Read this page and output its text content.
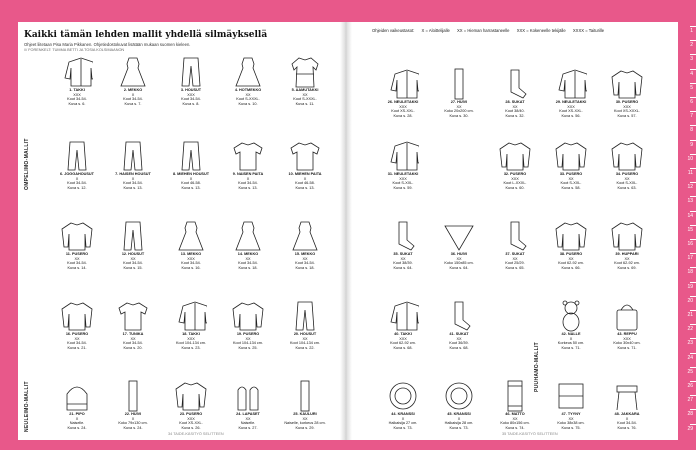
Kaikki tämän lehden mallit yhdellä silmäyksellä
Ohjeet liitetaan Pisa Maria Pikkanen. Ohjetiedostokuvat lisätään mukaan suomen kieleen.
/// FORENKELT: TUMMA BETTI JA TOSIA KOLSIMAANON
OMPELIMO-MALLIT
NEULEIMO-MALLIT
34 TAIDE-KÄSITYÖ SELITTEEN
1. TAKKI
XXX
Koot 34-54.
Kuva s. 6.
2. MEKKO
X
Koot 34-54.
Kuva s. 7.
3. HOUSUT
XXX
Koot 34-54.
Kuva s. 8.
4. HOTMEKKO
XX
Koot S-XXXL.
Kuva s. 10.
5. AAMUTAKKI
XX
Koot S-XXXL.
Kuva s. 11.
6. JOGGAHOUSUT
X
Koot 34-54.
Kuva s. 12.
7. HAISEN HOUSUT
X
Koot 34-54.
Kuva s. 13.
8. MIEHEN HOUSUT
X
Koot 46-58.
Kuva s. 13.
9. NAISEN PAITA
X
Koot 34-54.
Kuva s. 13.
10. MIEHEN PAITA
X
Koot 46-58.
Kuva s. 13.
11. PUSERO
XX
Koot 34-54.
Kuva s. 14.
12. HOUSUT
XX
Koot 34-54.
Kuva s. 15.
13. MEKKO
XXX
Koot 34-54.
Kuva s. 16.
14. MEKKO
XX
Koot 34-54.
Kuva s. 18.
15. MEKKO
XX
Koot 34-54.
Kuva s. 18.
16. PUSERO
XX
Koot 34-54.
Kuva s. 21.
17. TUNIKA
XX
Koot 34-54.
Kuva s. 20.
18. TAKKI
XXX
Koot 104-134 cm.
Kuva s. 23.
19. PUSERO
XX
Koot 104-134 cm.
Kuva s. 25.
20. HOUSUT
XX
Koot 104-134 cm.
Kuva s. 22.
21. PIPO
X
Naiselle.
Kuva s. 24.
22. HUIVI
X
Koko 79x130 cm.
Kuva s. 24.
23. PUSERO
XXX
Koot XS-XXL.
Kuva s. 26.
24. LAPASET
XX
Naiselle.
Kuva s. 27.
25. KAULURI
XX
Naiselle, korkeus 28 cm.
Kuva s. 29.
Ohjeiden vaikeustasot: X = Aloittelijalle XX = Hieman harrastaneelle XXX = Kokeneelle tekijälle XXXX = Taiturille
PUUHAMO-MALLIT
35 TAIDE-KÄSITYÖ SELITTEEN
26. NEULETAKKI
XXX
Koot XS-XXL.
Kuva s. 28.
27. HUIVI
XX
Koko 20x200 cm.
Kuva s. 30.
28. SUKAT
XX
Koot 38/40.
Kuva s. 32.
29. NEULETAKKI
XXX
Koot XS-XXL.
Kuva s. 56.
30. PUSERO
XXX
Koot XS-XXXL.
Kuva s. 57.
31. NEULETAKKI
XXX
Koot S-XXL.
Kuva s. 59.
32. PUSERO
XXX
Koot L-XXXL.
Kuva s. 60.
33. PUSERO
XX
Koot S-XXL.
Kuva s. 58.
34. PUSERO
XX
Koot S-XXL.
Kuva s. 63.
35. SUKAT
XX
Koot 38/39.
Kuva s. 64.
36. HUIVI
XX
Koko 150x85 cm.
Kuva s. 64.
37. SUKAT
XX
Koot 25/29.
Kuva s. 65.
38. PUSERO
XX
Koot 62-92 cm.
Kuva s. 66.
39. HUPPARI
XX
Koot 62-92 cm.
Kuva s. 69.
40. TAKKI
XXX
Koot 62-92 cm.
Kuva s. 68.
41. SUKAT
XX
Koot 36/39.
Kuva s. 68.
42. NALLE
X
Korkeus 50 cm.
Kuva s. 71.
43. REPPU
XXX
Koko 30x40 cm.
Kuva s. 71.
44. KRANSSI
X
Halkaisija 27 cm.
Kuva s. 73.
45. KRANSSI
X
Halkaisija 28 cm.
Kuva s. 73.
46. MATTO
XX
Koko 80x156 cm.
Kuva s. 74.
47. TYYNY
XX
Koko 38x38 cm.
Kuva s. 75.
48. JAKKARA
X
Koot 34-54.
Kuva s. 76.
1
2
3
4
5
6
7
8
9
10
11
12
13
14
15
16
17
18
19
20
21
22
23
24
25
26
27
28
29
